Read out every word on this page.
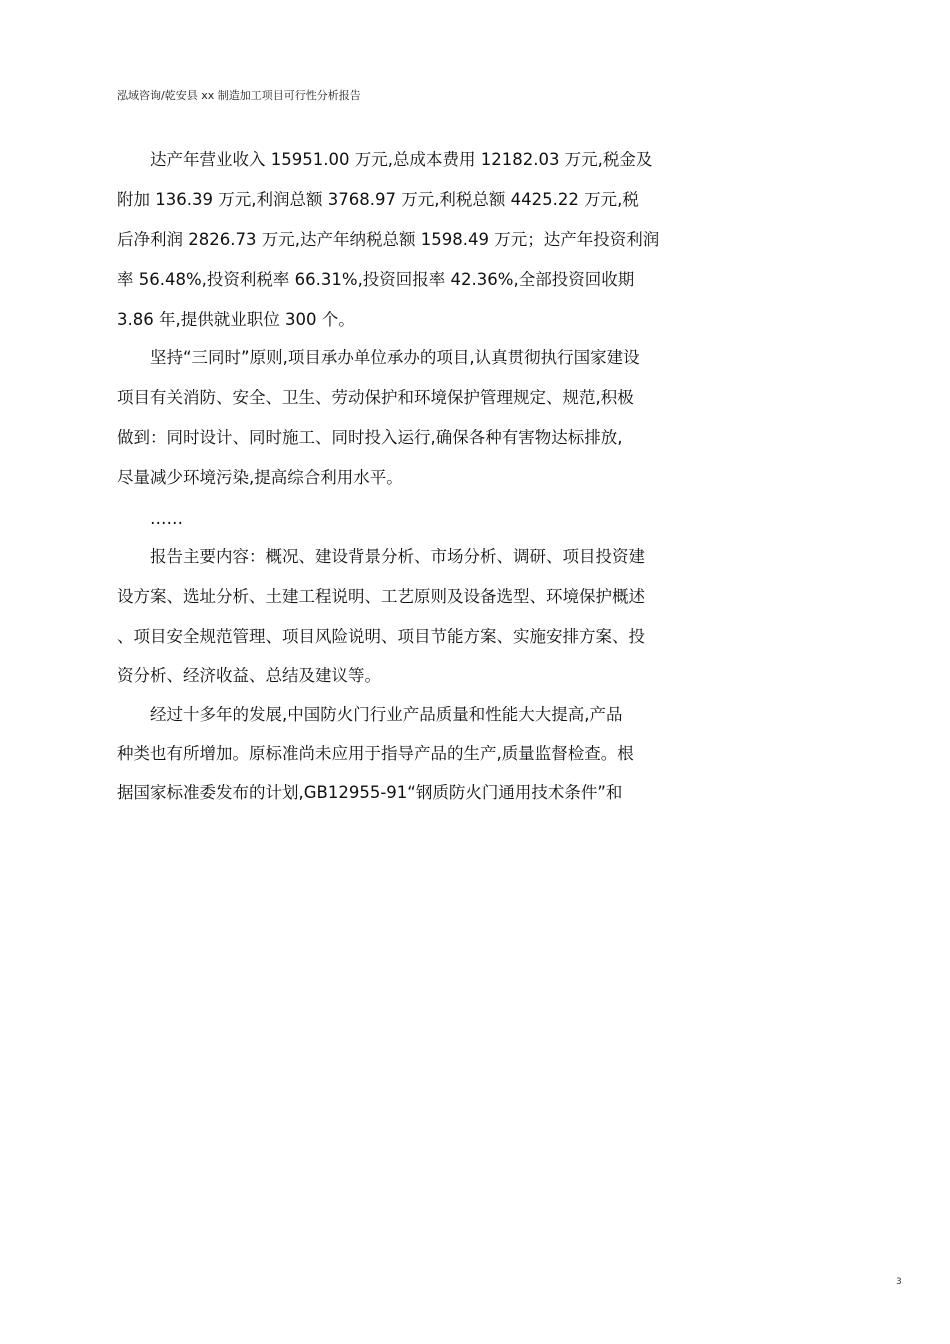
泓域咨询/乾安县 xx 制造加工项目可行性分析报告
达产年营业收入 15951.00 万元,总成本费用 12182.03 万元,税金及
附加 136.39 万元,利润总额 3768.97 万元,利税总额 4425.22 万元,税
后净利润 2826.73 万元,达产年纳税总额 1598.49 万元；达产年投资利润
率 56.48%,投资利税率 66.31%,投资回报率 42.36%,全部投资回收期
3.86 年,提供就业职位 300 个。
坚持“三同时”原则,项目承办单位承办的项目,认真贯彻执行国家建设
项目有关消防、安全、卫生、劳动保护和环境保护管理规定、规范,积极
做到：同时设计、同时施工、同时投入运行,确保各种有害物达标排放,
尽量减少环境污染,提高综合利用水平。
……
报告主要内容：概况、建设背景分析、市场分析、调研、项目投资建
设方案、选址分析、土建工程说明、工艺原则及设备选型、环境保护概述
、项目安全规范管理、项目风险说明、项目节能方案、实施安排方案、投
资分析、经济收益、总结及建议等。
经过十多年的发展,中国防火门行业产品质量和性能大大提高,产品
种类也有所增加。原标准尚未应用于指导产品的生产,质量监督检查。根
据国家标准委发布的计划,GB12955-91“钢质防火门通用技术条件”和
3
